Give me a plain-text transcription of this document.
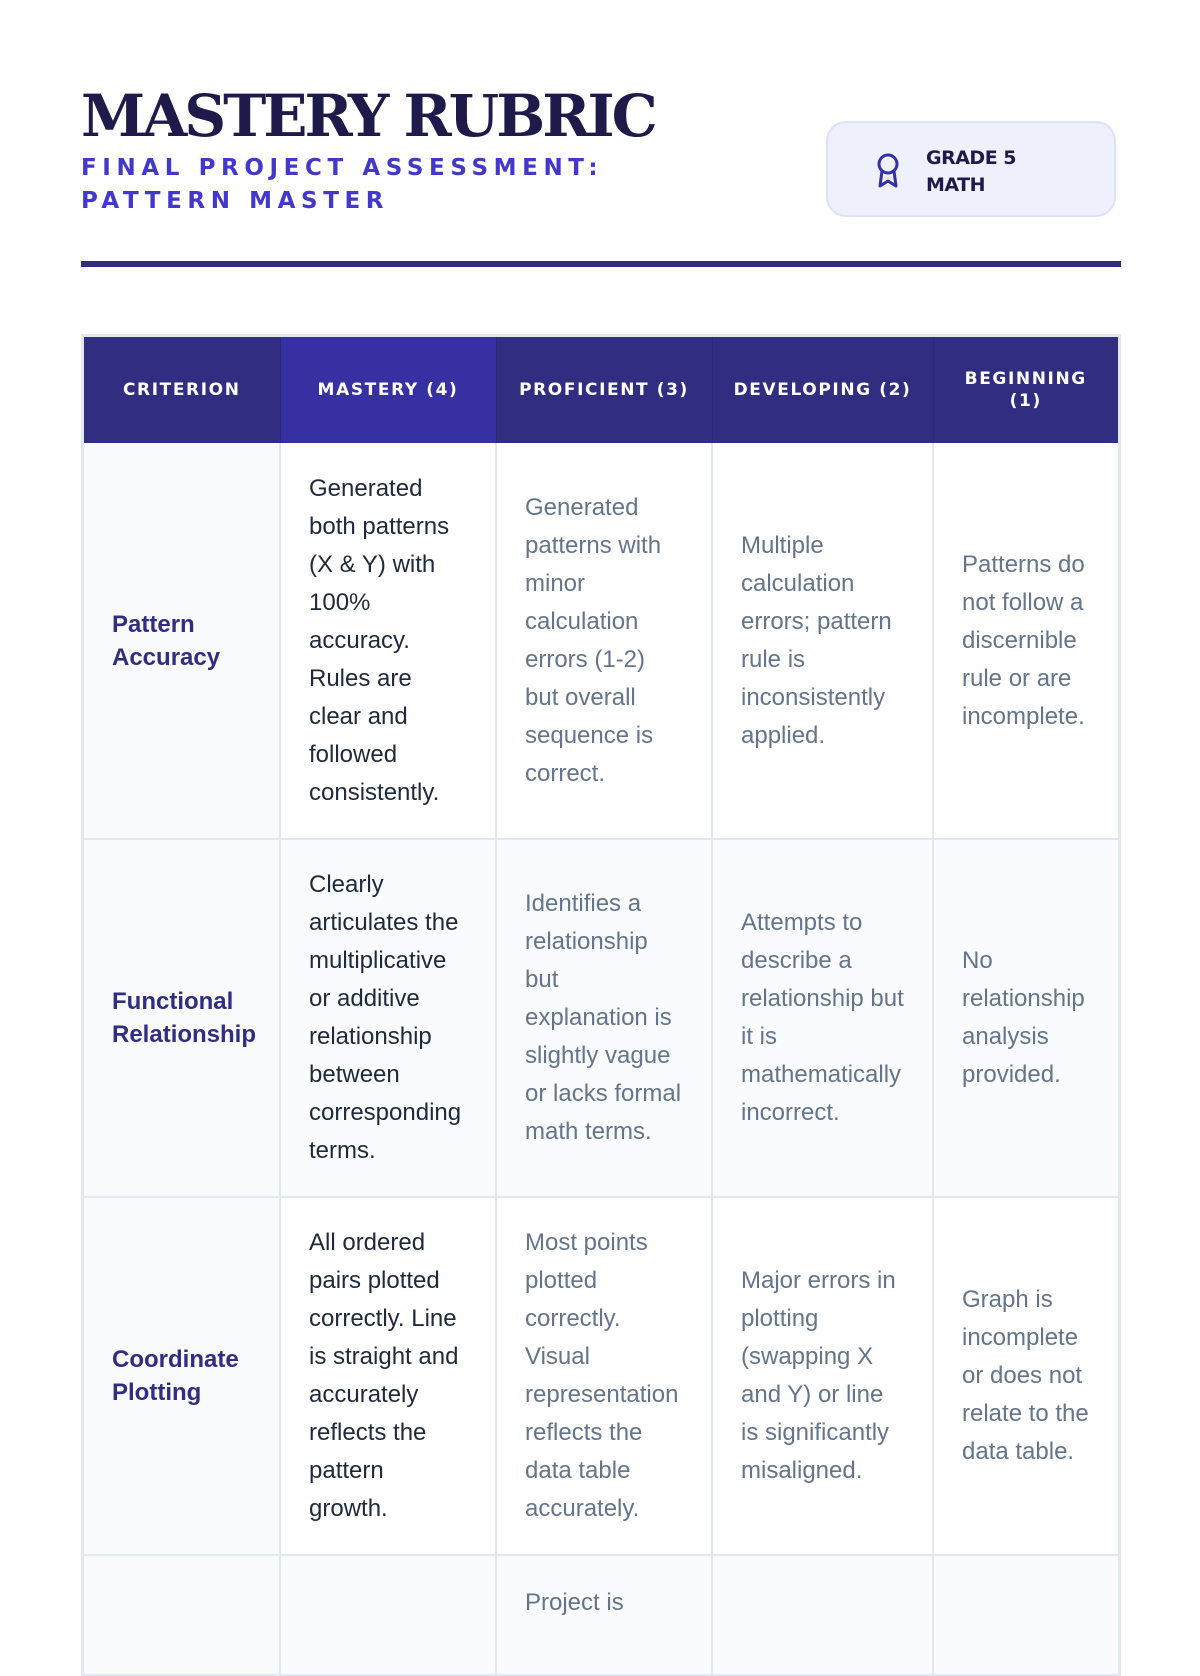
MASTERY RUBRIC

FINAL PROJECT ASSESSMENT: PATTERN MASTER

GRADE 5 MATH
CRITERION	MASTERY (4)	PROFICIENT (3)	DEVELOPING (2)	BEGINNING (1)
Pattern Accuracy	Generated both patterns (X & Y) with 100% accuracy. Rules are clear and followed consistently.	Generated patterns with minor calculation errors (1-2) but overall sequence is correct.	Multiple calculation errors; pattern rule is inconsistently applied.	Patterns do not follow a discernible rule or are incomplete.
Functional Relationship	Clearly articulates the multiplicative or additive relationship between corresponding terms.	Identifies a relationship but explanation is slightly vague or lacks formal math terms.	Attempts to describe a relationship but it is mathematically incorrect.	No relationship analysis provided.
Coordinate Plotting	All ordered pairs plotted correctly. Line is straight and accurately reflects the pattern growth.	Most points plotted correctly. Visual representation reflects the data table accurately.	Major errors in plotting (swapping X and Y) or line is significantly misaligned.	Graph is incomplete or does not relate to the data table.
		Project is		
